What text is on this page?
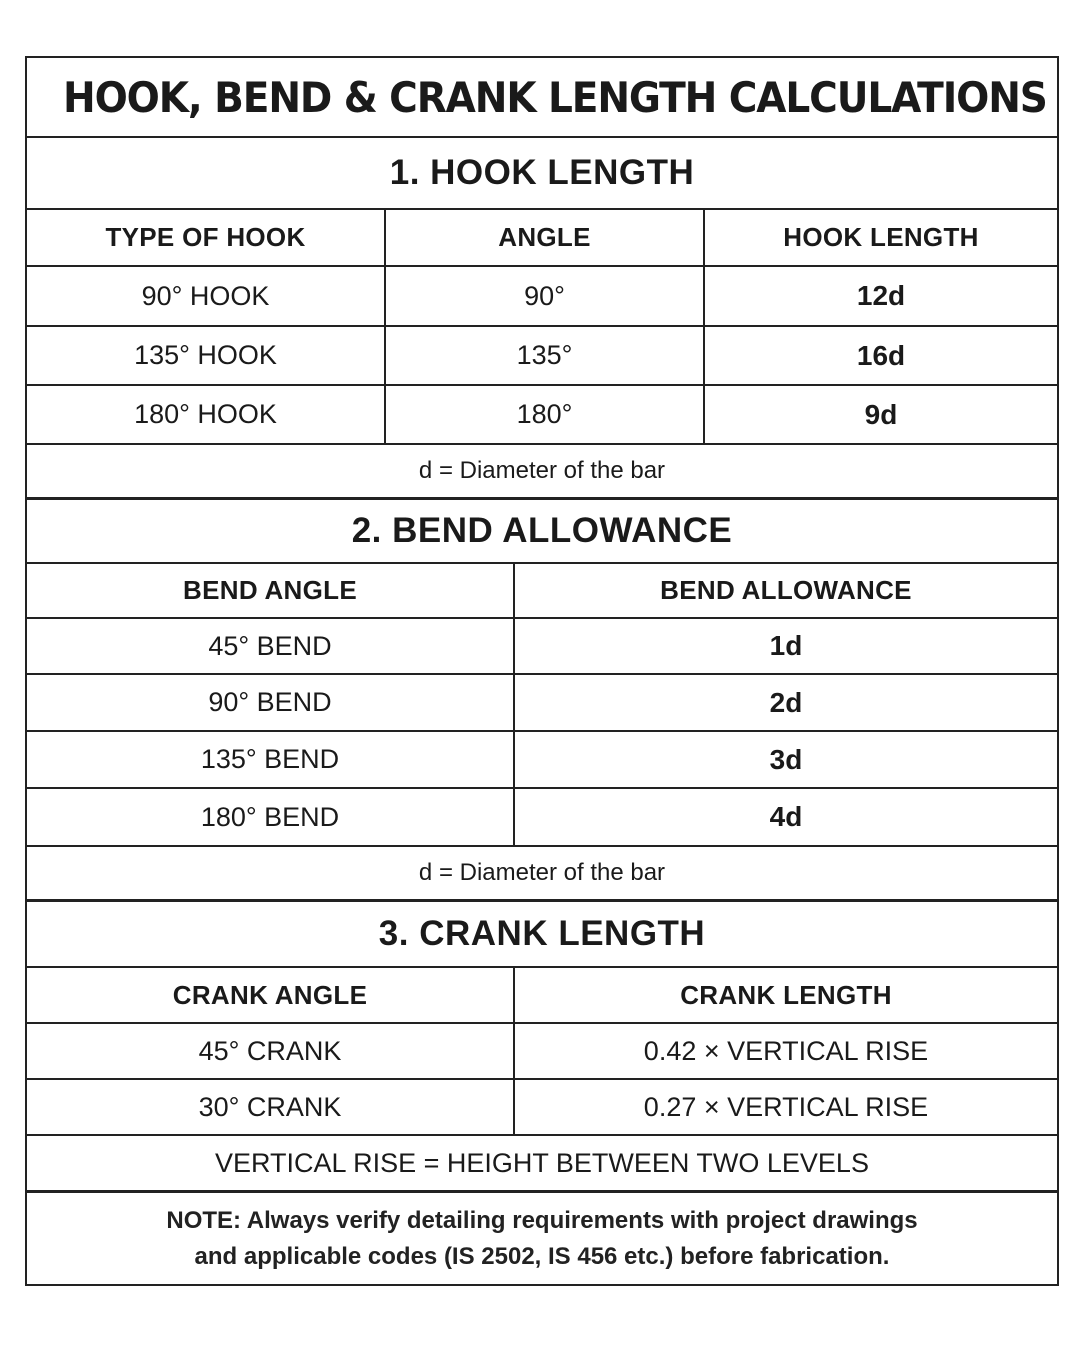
HOOK, BEND & CRANK LENGTH CALCULATIONS
1. HOOK LENGTH
TYPE OF HOOK	ANGLE	HOOK LENGTH
90° HOOK	90°	12d
135° HOOK	135°	16d
180° HOOK	180°	9d
d = Diameter of the bar
2. BEND ALLOWANCE
BEND ANGLE	BEND ALLOWANCE
45° BEND	1d
90° BEND	2d
135° BEND	3d
180° BEND	4d
d = Diameter of the bar
3. CRANK LENGTH
CRANK ANGLE	CRANK LENGTH
45° CRANK	0.42 × VERTICAL RISE
30° CRANK	0.27 × VERTICAL RISE
VERTICAL RISE = HEIGHT BETWEEN TWO LEVELS
NOTE: Always verify detailing requirements with project drawings
and applicable codes (IS 2502, IS 456 etc.) before fabrication.
